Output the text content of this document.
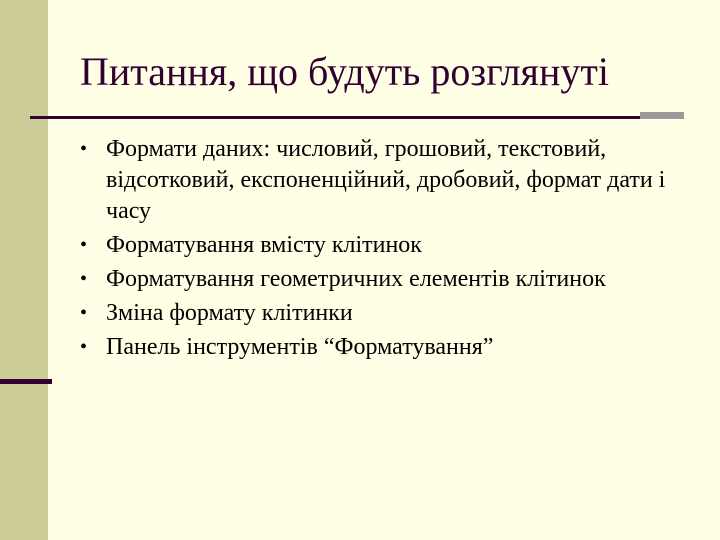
Питання, що будуть розглянуті
• Формати даних: числовий, грошовий, текстовий, відсотковий, експоненційний, дробовий, формат дати і часу
• Форматування вмісту клітинок
• Форматування геометричних елементів клітинок
• Зміна формату клітинки
• Панель інструментів “Форматування”
